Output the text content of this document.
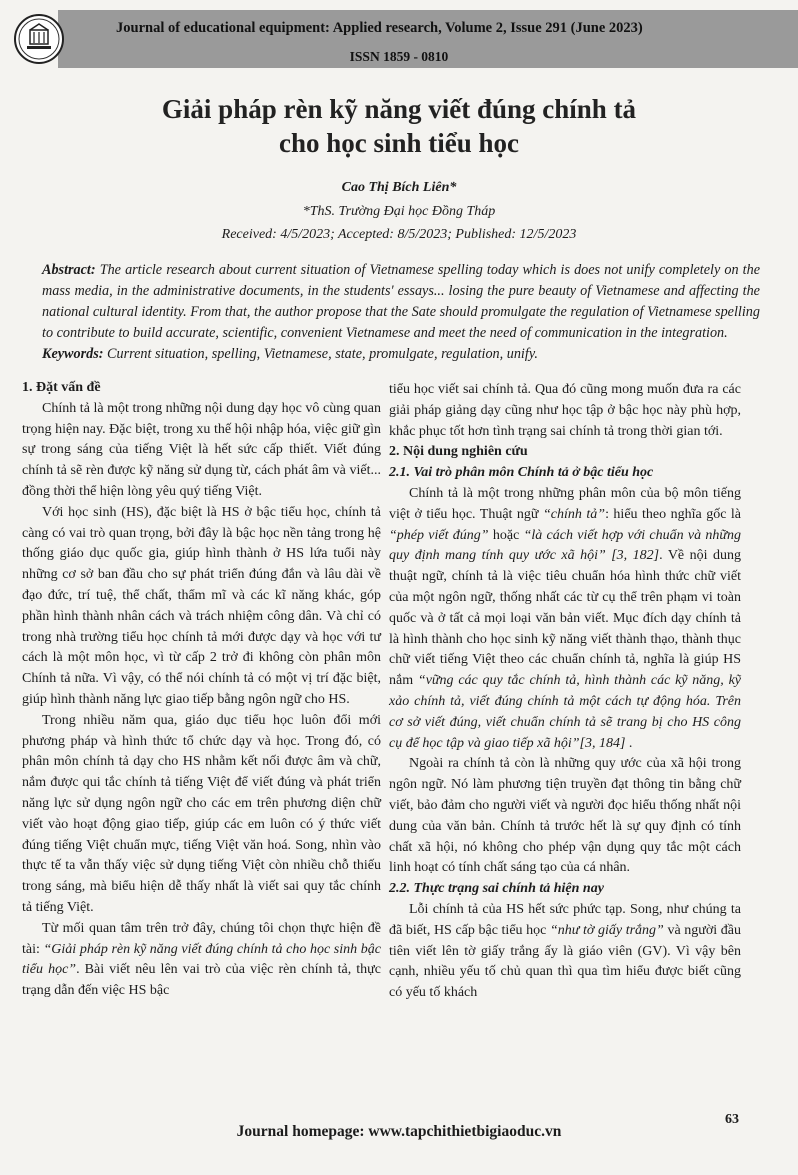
Journal of educational equipment: Applied research, Volume 2, Issue 291 (June 2023)
ISSN 1859 - 0810
Giải pháp rèn kỹ năng viết đúng chính tả
cho học sinh tiểu học
Cao Thị Bích Liên*
*ThS. Trường Đại học Đồng Tháp
Received: 4/5/2023; Accepted: 8/5/2023; Published: 12/5/2023
Abstract: The article research about current situation of Vietnamese spelling today which is does not unify completely on the mass media, in the administrative documents, in the students' essays... losing the pure beauty of Vietnamese and affecting the national cultural identity. From that, the author propose that the Sate should promulgate the regulation of Vietnamese spelling to contribute to build accurate, scientific, convenient Vietnamese and meet the need of communication in the integration.
Keywords: Current situation, spelling, Vietnamese, state, promulgate, regulation, unify.
1. Đặt vấn đề

Chính tả là một trong những nội dung dạy học vô cùng quan trọng hiện nay. Đặc biệt, trong xu thế hội nhập hóa, việc giữ gìn sự trong sáng của tiếng Việt là hết sức cấp thiết. Viết đúng chính tả sẽ rèn được kỹ năng sử dụng từ, cách phát âm và viết... đồng thời thể hiện lòng yêu quý tiếng Việt.

Với học sinh (HS), đặc biệt là HS ở bậc tiểu học, chính tả càng có vai trò quan trọng, bởi đây là bậc học nền tảng trong hệ thống giáo dục quốc gia, giúp hình thành ở HS lứa tuổi này những cơ sở ban đầu cho sự phát triển đúng đắn và lâu dài về đạo đức, trí tuệ, thể chất, thẩm mĩ và các kĩ năng khác, góp phần hình thành nhân cách và trách nhiệm công dân. Và chỉ có trong nhà trường tiểu học chính tả mới được dạy và học với tư cách là một môn học, vì từ cấp 2 trở đi không còn phân môn Chính tả nữa. Vì vậy, có thể nói chính tả có một vị trí đặc biệt, giúp hình thành năng lực giao tiếp bằng ngôn ngữ cho HS.

Trong nhiều năm qua, giáo dục tiểu học luôn đổi mới phương pháp và hình thức tổ chức dạy và học. Trong đó, có phân môn chính tả dạy cho HS nhằm kết nối được âm và chữ, nắm được qui tắc chính tả tiếng Việt để viết đúng và phát triển năng lực sử dụng ngôn ngữ cho các em trên phương diện chữ viết vào hoạt động giao tiếp, giúp các em luôn có ý thức viết đúng tiếng Việt chuẩn mực, tiếng Việt văn hoá. Song, nhìn vào thực tế ta vẫn thấy việc sử dụng tiếng Việt còn nhiều chỗ thiếu trong sáng, mà biểu hiện dễ thấy nhất là viết sai quy tắc chính tả tiếng Việt.

Từ mối quan tâm trên trở đây, chúng tôi chọn thực hiện đề tài: “Giải pháp rèn kỹ năng viết đúng chính tả cho học sinh bậc tiểu học”. Bài viết nêu lên vai trò của việc rèn chính tả, thực trạng dẫn đến việc HS bậc

tiểu học viết sai chính tả. Qua đó cũng mong muốn đưa ra các giải pháp giảng dạy cũng như học tập ở bậc học này phù hợp, khắc phục tốt hơn tình trạng sai chính tả trong thời gian tới.

2. Nội dung nghiên cứu
2.1. Vai trò phân môn Chính tả ở bậc tiểu học

Chính tả là một trong những phân môn của bộ môn tiếng việt ở tiểu học. Thuật ngữ “chính tả”: hiểu theo nghĩa gốc là “phép viết đúng” hoặc “là cách viết hợp với chuẩn và những quy định mang tính quy ước xã hội” [3, 182]. Về nội dung thuật ngữ, chính tả là việc tiêu chuẩn hóa hình thức chữ viết của một ngôn ngữ, thống nhất các từ cụ thể trên phạm vi toàn quốc và ở tất cả mọi loại văn bản viết. Mục đích dạy chính tả là hình thành cho học sinh kỹ năng viết thành thạo, thành thục chữ viết tiếng Việt theo các chuẩn chính tả, nghĩa là giúp HS nắm “vững các quy tắc chính tả, hình thành các kỹ năng, kỹ xảo chính tả, viết đúng chính tả một cách tự động hóa. Trên cơ sở viết đúng, viết chuẩn chính tả sẽ trang bị cho HS công cụ để học tập và giao tiếp xã hội”[3, 184] .

Ngoài ra chính tả còn là những quy ước của xã hội trong ngôn ngữ. Nó làm phương tiện truyền đạt thông tin bằng chữ viết, bảo đảm cho người viết và người đọc hiểu thống nhất nội dung của văn bản. Chính tả trước hết là sự quy định có tính chất xã hội, nó không cho phép vận dụng quy tắc một cách linh hoạt có tính chất sáng tạo của cá nhân.

2.2. Thực trạng sai chính tả hiện nay

Lỗi chính tả của HS hết sức phức tạp. Song, như chúng ta đã biết, HS cấp bậc tiểu học “như tờ giấy trắng” và người đầu tiên viết lên tờ giấy trắng ấy là giáo viên (GV). Vì vậy bên cạnh, nhiều yếu tố chủ quan thì qua tìm hiểu được biết cũng có yếu tố khách

63
Journal homepage: www.tapchithietbigiaoduc.vn
